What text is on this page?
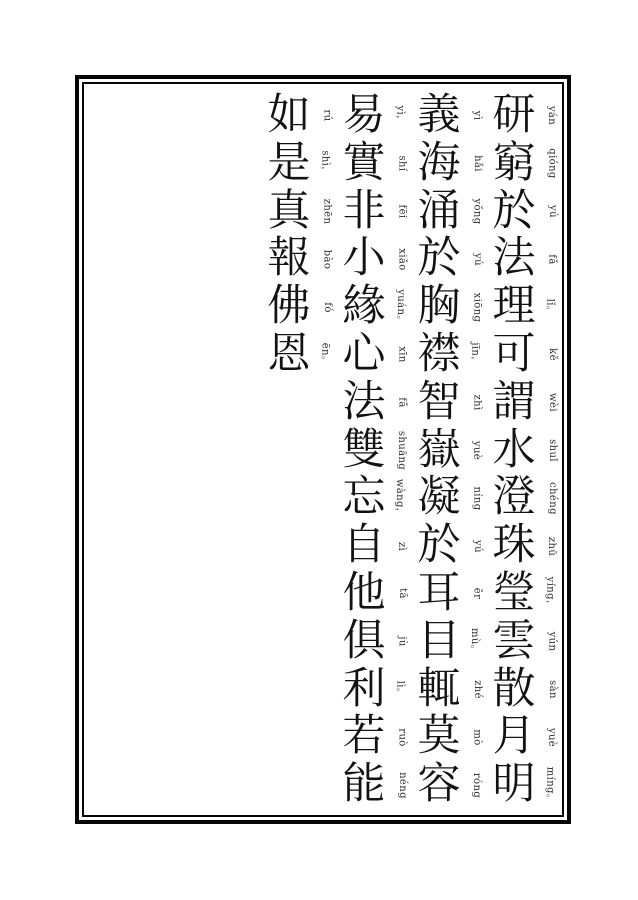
研	yán
窮	qióng
於	yú
法	fǎ
理 lǐ。
可	kě
謂	wèi
水	shuǐ
澄	chéng
珠	zhū
瑩 yíng，
雲	yún
散	sàn
月	yuè
明 míng。
義	yì
海	hǎi
涌	yǒng
於	yú
胸	xiōng
襟 jīn，
智	zhì
嶽	yuè
凝	níng
於	yú
耳	ěr
目 mù。
輒	zhé
莫	mò
容	róng
易 yì，
實	shí
非	fēi
小	xiǎo
緣 yuán。
心	xīn
法	fǎ
雙	shuāng
忘 wàng，
自	zì
他	tā
俱	jù
利 lì。
若	ruò
能	néng
如	rú
是 shì，
真	zhēn
報	bào
佛	fó
恩 ēn。
